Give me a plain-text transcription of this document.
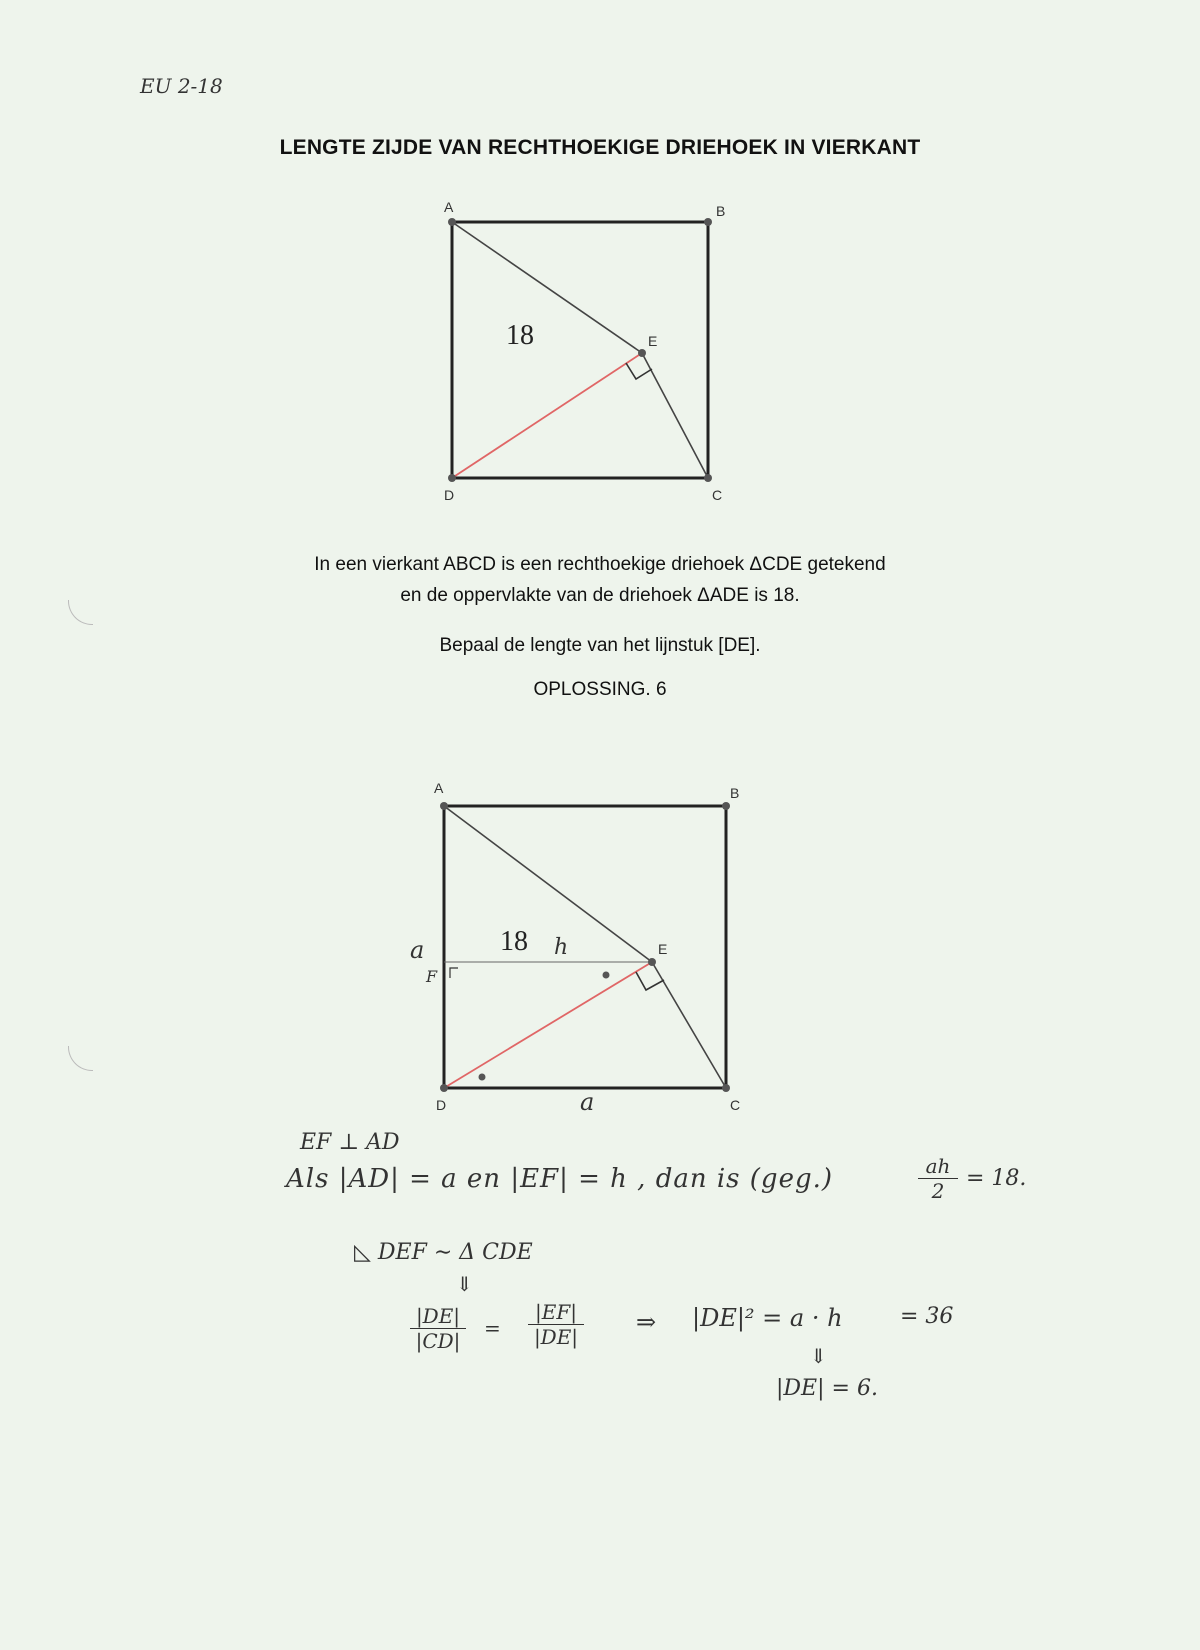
EU 2-18
LENGTE ZIJDE VAN RECHTHOEKIGE DRIEHOEK IN VIERKANT
A	B
C
D
E
18
In een vierkant ABCD is een rechthoekige driehoek ΔCDE getekend
en de oppervlakte van de driehoek ΔADE is 18.
Bepaal de lengte van het lijnstuk [DE].
OPLOSSING. 6
A	B
C
D
E
18
a
F
h
a
EF ⊥ AD
Als |AD| = a en |EF| = h , dan is (geg.)	$\frac{ah}{2} = 18$.
◺ DEF ∼ Δ CDE
⇓
$\frac{|DE|}{|CD|} = \frac{|EF|}{|DE|}$ ⇒ |DE|² = a · h	= 36
⇓
|DE| = 6.
